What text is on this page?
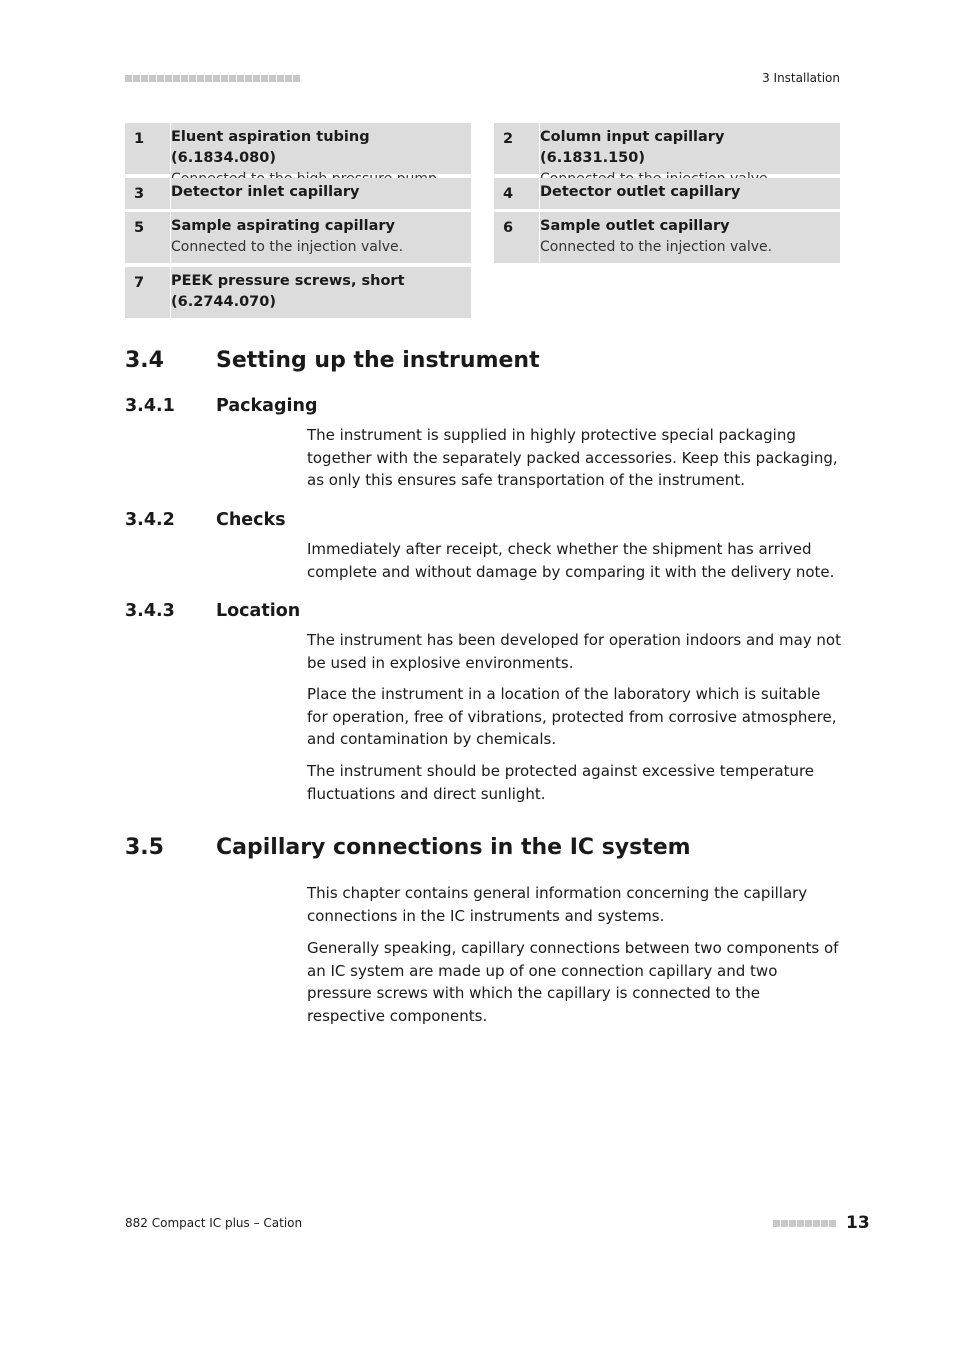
3 Installation
1	Eluent aspiration tubing (6.1834.080)
2	Column input capillary (6.1831.150)
3	Detector inlet capillary	4	Detector outlet capillary
5	Sample aspirating capillary
Connected to the injection valve.
6	Sample outlet capillary
Connected to the injection valve.
7	PEEK pressure screws, short (6.2744.070)
3.4 Setting up the instrument
3.4.1 Packaging

The instrument is supplied in highly protective special packaging together with the separately packed accessories. Keep this packaging, as only this ensures safe transportation of the instrument.

3.4.2 Checks

Immediately after receipt, check whether the shipment has arrived complete and without damage by comparing it with the delivery note.

3.4.3 Location

The instrument has been developed for operation indoors and may not be used in explosive environments.

Place the instrument in a location of the laboratory which is suitable for operation, free of vibrations, protected from corrosive atmosphere, and contamination by chemicals.

The instrument should be protected against excessive temperature fluctuations and direct sunlight.

3.5 Capillary connections in the IC system

This chapter contains general information concerning the capillary connections in the IC instruments and systems.

Generally speaking, capillary connections between two components of an IC system are made up of one connection capillary and two pressure screws with which the capillary is connected to the respective components.

882 Compact IC plus – Cation	13
